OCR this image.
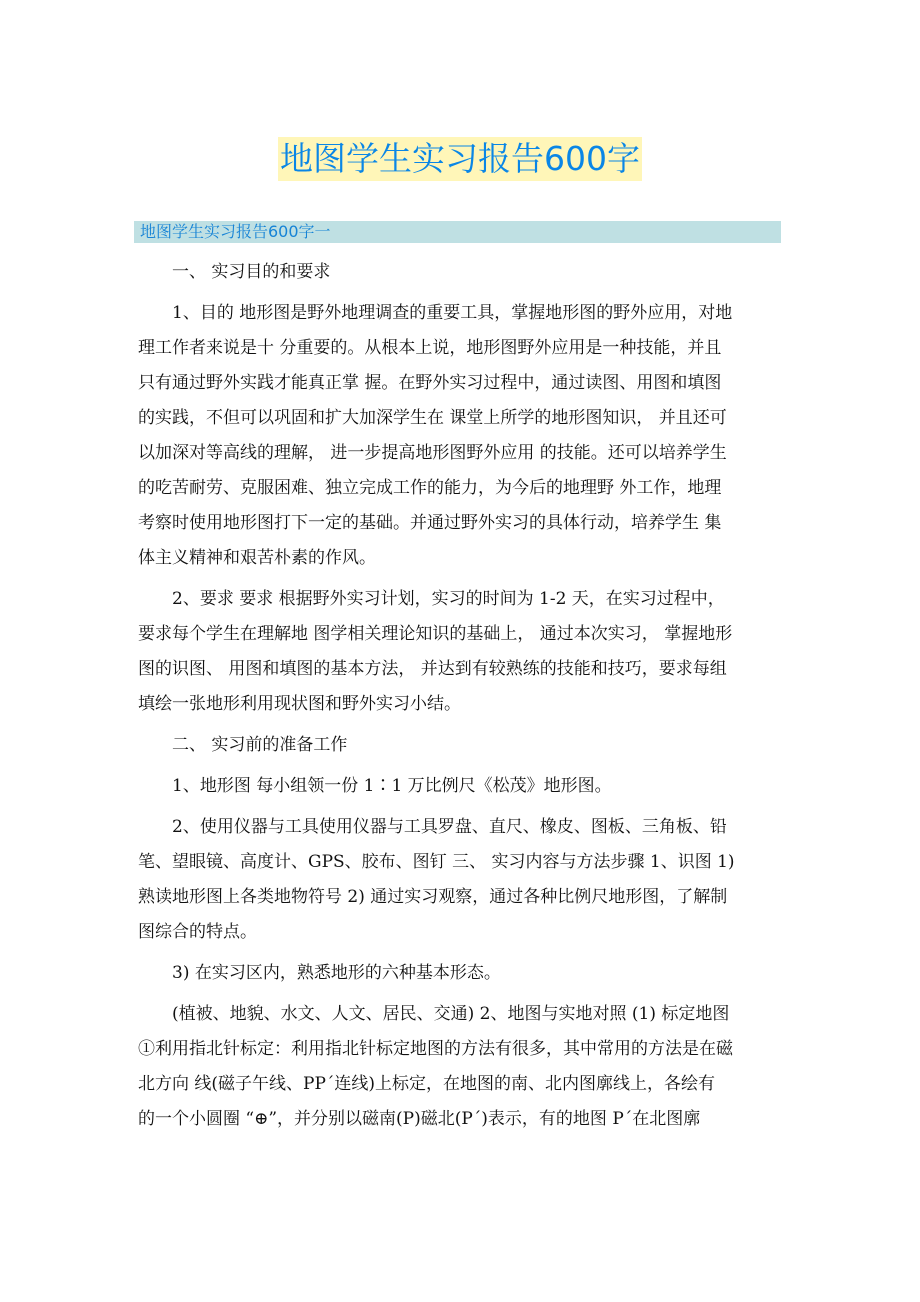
地图学生实习报告600字
地图学生实习报告600字一
一、 实习目的和要求
1、目的 地形图是野外地理调查的重要工具，掌握地形图的野外应用，对地
理工作者来说是十 分重要的。从根本上说，地形图野外应用是一种技能，并且
只有通过野外实践才能真正掌 握。在野外实习过程中，通过读图、用图和填图
的实践，不但可以巩固和扩大加深学生在 课堂上所学的地形图知识， 并且还可
以加深对等高线的理解， 进一步提高地形图野外应用 的技能。还可以培养学生
的吃苦耐劳、克服困难、独立完成工作的能力，为今后的地理野 外工作，地理
考察时使用地形图打下一定的基础。并通过野外实习的具体行动，培养学生 集
体主义精神和艰苦朴素的作风。
2、要求 要求 根据野外实习计划，实习的时间为 1-2 天，在实习过程中，
要求每个学生在理解地 图学相关理论知识的基础上， 通过本次实习， 掌握地形
图的识图、 用图和填图的基本方法， 并达到有较熟练的技能和技巧，要求每组
填绘一张地形利用现状图和野外实习小结。
二、 实习前的准备工作
1、地形图 每小组领一份 1∶1 万比例尺《松茂》地形图。
2、使用仪器与工具使用仪器与工具罗盘、直尺、橡皮、图板、三角板、铅
笔、望眼镜、高度计、GPS、胶布、图钉 三、 实习内容与方法步骤 1、识图 1)
熟读地形图上各类地物符号 2) 通过实习观察，通过各种比例尺地形图，了解制
图综合的特点。
3) 在实习区内，熟悉地形的六种基本形态。
(植被、地貌、水文、人文、居民、交通) 2、地图与实地对照 (1) 标定地图
①利用指北针标定：利用指北针标定地图的方法有很多，其中常用的方法是在磁
北方向 线(磁子午线、PP´连线)上标定，在地图的南、北内图廓线上，各绘有
的一个小圆圈 “⊕”，并分别以磁南(P)磁北(P´)表示，有的地图 P´在北图廓
